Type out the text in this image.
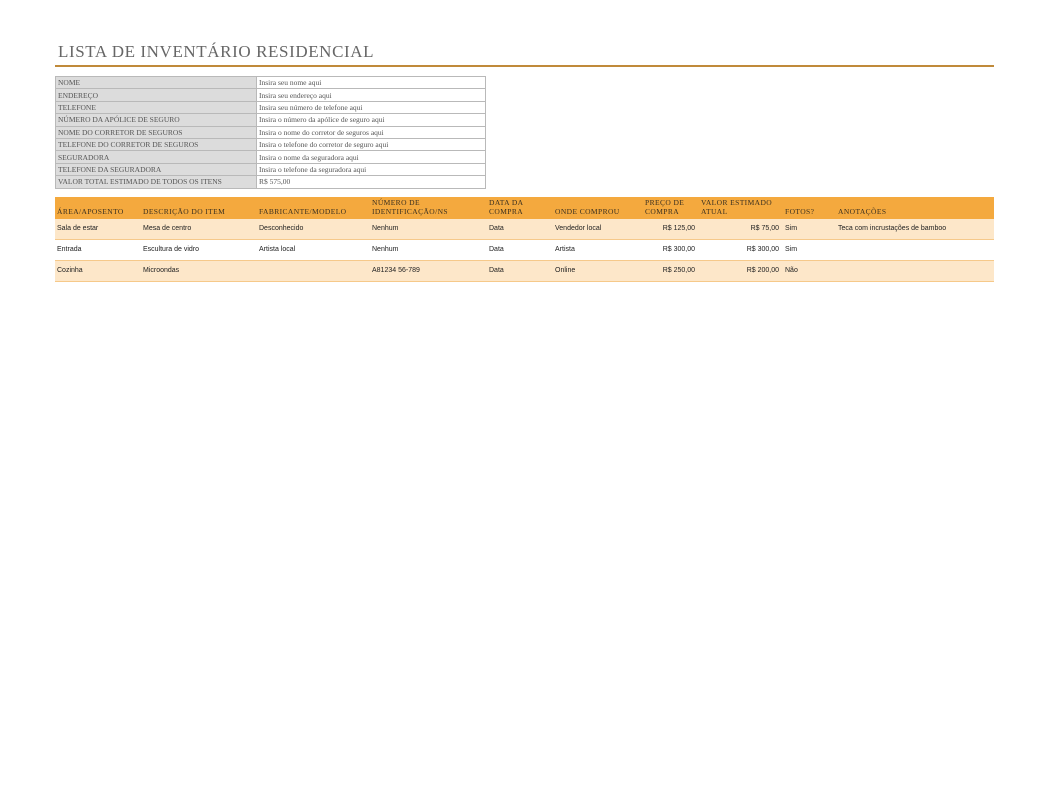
LISTA DE INVENTÁRIO RESIDENCIAL
NOME	Insira seu nome aqui
ENDEREÇO	Insira seu endereço aqui
TELEFONE	Insira seu número de telefone aqui
NÚMERO DA APÓLICE DE SEGURO	Insira o número da apólice de seguro aqui
NOME DO CORRETOR DE SEGUROS	Insira o nome do corretor de seguros aqui
TELEFONE DO CORRETOR DE SEGUROS	Insira o telefone do corretor de seguro aqui
SEGURADORA	Insira o nome da seguradora aqui
TELEFONE DA SEGURADORA	Insira o telefone da seguradora aqui
VALOR TOTAL ESTIMADO DE TODOS OS ITENS	R$ 575,00
ÁREA/APOSENTO	DESCRIÇÃO DO ITEM	FABRICANTE/MODELO	NÚMERO DE IDENTIFICAÇÃO/NS	DATA DA COMPRA	ONDE COMPROU	PREÇO DE COMPRA	VALOR ESTIMADO ATUAL	FOTOS?	ANOTAÇÕES
Sala de estar	Mesa de centro	Desconhecido	Nenhum	Data	Vendedor local	R$ 125,00	R$ 75,00	Sim	Teca com incrustações de bamboo
Entrada	Escultura de vidro	Artista local	Nenhum	Data	Artista	R$ 300,00	R$ 300,00	Sim	
Cozinha	Microondas		A81234 56-789	Data	Online	R$ 250,00	R$ 200,00	Não	
